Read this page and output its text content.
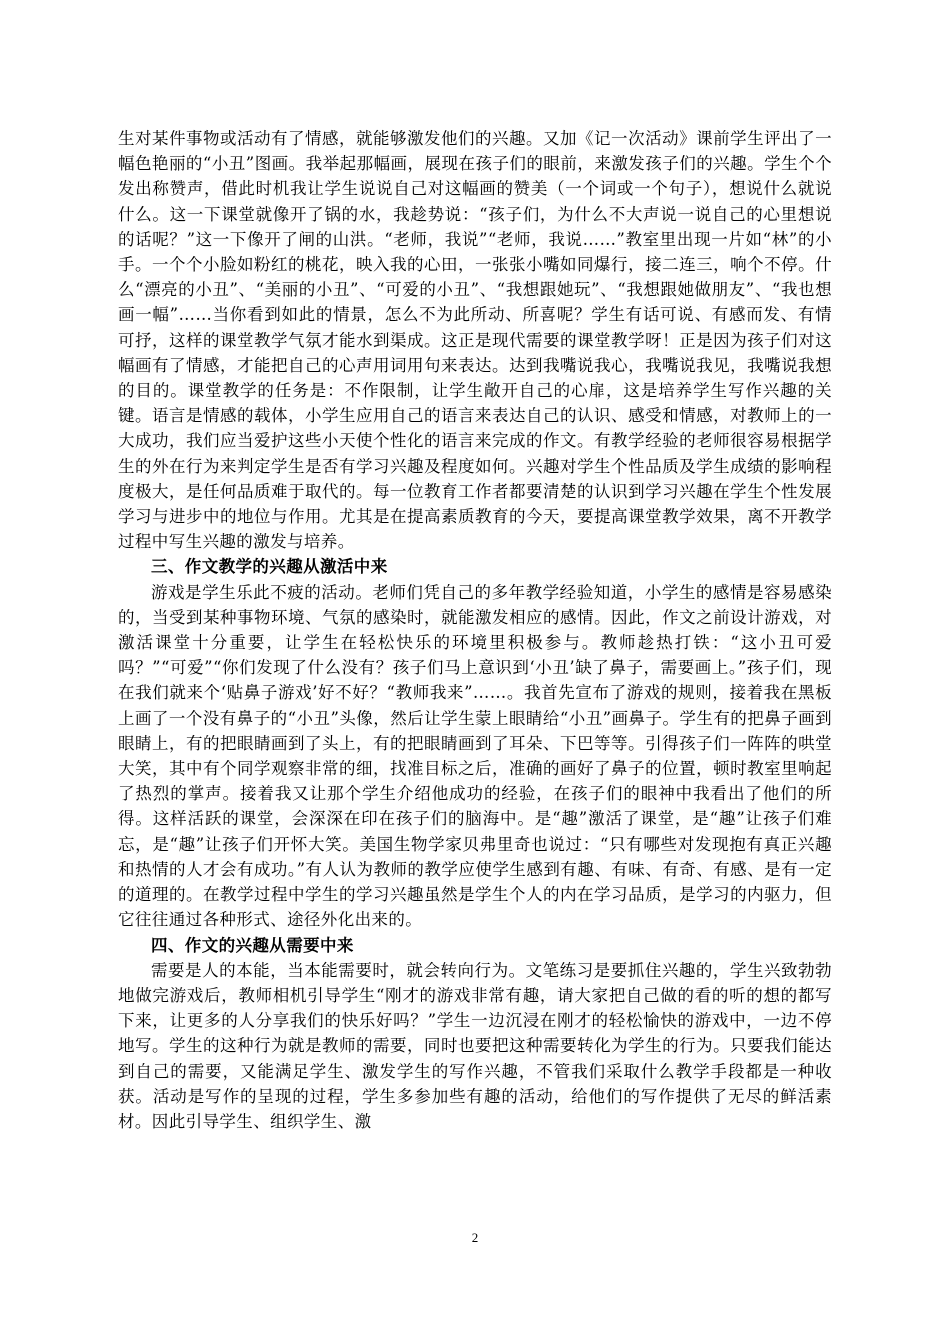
生对某件事物或活动有了情感，就能够激发他们的兴趣。又加《记一次活动》课前学生评出了一幅色艳丽的“小丑”图画。我举起那幅画，展现在孩子们的眼前，来激发孩子们的兴趣。学生个个发出称赞声，借此时机我让学生说说自己对这幅画的赞美（一个词或一个句子），想说什么就说什么。这一下课堂就像开了锅的水，我趁势说：“孩子们，为什么不大声说一说自己的心里想说的话呢？”这一下像开了闸的山洪。“老师，我说”“老师，我说……”教室里出现一片如“林”的小手。一个个小脸如粉红的桃花，映入我的心田，一张张小嘴如同爆行，接二连三，响个不停。什么“漂亮的小丑”、“美丽的小丑”、“可爱的小丑”、“我想跟她玩”、“我想跟她做朋友”、“我也想画一幅”……当你看到如此的情景，怎么不为此所动、所喜呢？学生有话可说、有感而发、有情可抒，这样的课堂教学气氛才能水到渠成。这正是现代需要的课堂教学呀！正是因为孩子们对这幅画有了情感，才能把自己的心声用词用句来表达。达到我嘴说我心，我嘴说我见，我嘴说我想的目的。课堂教学的任务是：不作限制，让学生敞开自己的心扉，这是培养学生写作兴趣的关键。语言是情感的载体，小学生应用自己的语言来表达自己的认识、感受和情感，对教师上的一大成功，我们应当爱护这些小天使个性化的语言来完成的作文。有教学经验的老师很容易根据学生的外在行为来判定学生是否有学习兴趣及程度如何。兴趣对学生个性品质及学生成绩的影响程度极大，是任何品质难于取代的。每一位教育工作者都要清楚的认识到学习兴趣在学生个性发展学习与进步中的地位与作用。尤其是在提高素质教育的今天，要提高课堂教学效果，离不开教学过程中写生兴趣的激发与培养。

三、作文教学的兴趣从激活中来

游戏是学生乐此不疲的活动。老师们凭自己的多年教学经验知道，小学生的感情是容易感染的，当受到某种事物环境、气氛的感染时，就能激发相应的感情。因此，作文之前设计游戏，对激活课堂十分重要，让学生在轻松快乐的环境里积极参与。教师趁热打铁：“这小丑可爱吗？”“可爱”“你们发现了什么没有？孩子们马上意识到‘小丑’缺了鼻子，需要画上。”孩子们，现在我们就来个‘贴鼻子游戏’好不好？“教师我来”……。我首先宣布了游戏的规则，接着我在黑板上画了一个没有鼻子的“小丑”头像，然后让学生蒙上眼睛给“小丑”画鼻子。学生有的把鼻子画到眼睛上，有的把眼睛画到了头上，有的把眼睛画到了耳朵、下巴等等。引得孩子们一阵阵的哄堂大笑，其中有个同学观察非常的细，找准目标之后，准确的画好了鼻子的位置，顿时教室里响起了热烈的掌声。接着我又让那个学生介绍他成功的经验，在孩子们的眼神中我看出了他们的所得。这样活跃的课堂，会深深在印在孩子们的脑海中。是“趣”激活了课堂，是“趣”让孩子们难忘，是“趣”让孩子们开怀大笑。美国生物学家贝弗里奇也说过：“只有哪些对发现抱有真正兴趣和热情的人才会有成功。”有人认为教师的教学应使学生感到有趣、有味、有奇、有感、是有一定的道理的。在教学过程中学生的学习兴趣虽然是学生个人的内在学习品质，是学习的内驱力，但它往往通过各种形式、途径外化出来的。

四、作文的兴趣从需要中来

需要是人的本能，当本能需要时，就会转向行为。文笔练习是要抓住兴趣的，学生兴致勃勃地做完游戏后，教师相机引导学生“刚才的游戏非常有趣，请大家把自己做的看的听的想的都写下来，让更多的人分享我们的快乐好吗？”学生一边沉浸在刚才的轻松愉快的游戏中，一边不停地写。学生的这种行为就是教师的需要，同时也要把这种需要转化为学生的行为。只要我们能达到自己的需要，又能满足学生、激发学生的写作兴趣，不管我们采取什么教学手段都是一种收获。活动是写作的呈现的过程，学生多参加些有趣的活动，给他们的写作提供了无尽的鲜活素材。因此引导学生、组织学生、激

2
